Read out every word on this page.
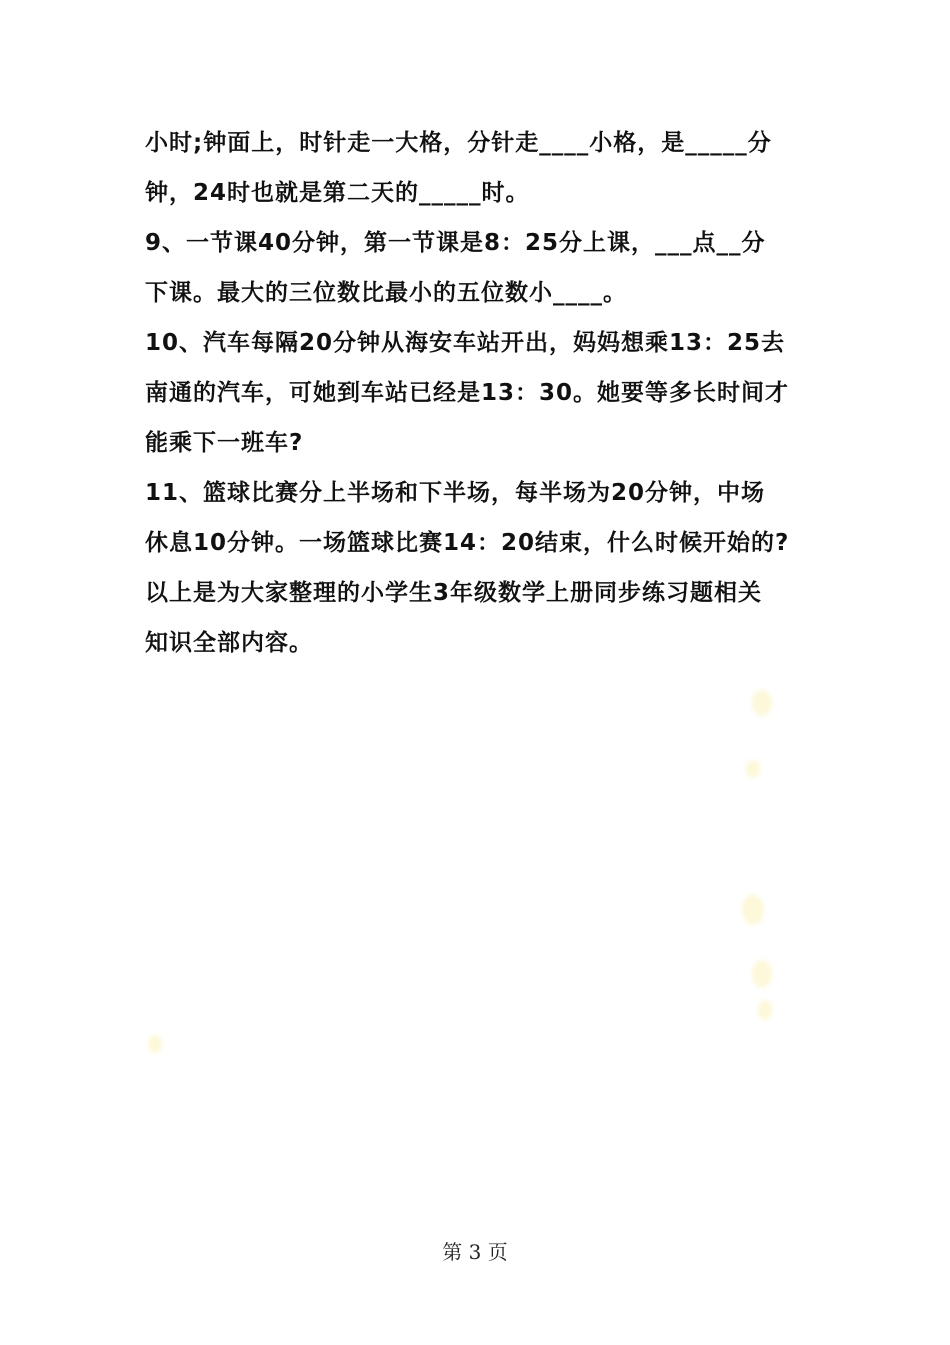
小时;钟面上，时针走一大格，分针走____小格，是_____分
钟，24时也就是第二天的_____时。
9、一节课40分钟，第一节课是8：25分上课，___点__分
下课。最大的三位数比最小的五位数小____。
10、汽车每隔20分钟从海安车站开出，妈妈想乘13：25去
南通的汽车，可她到车站已经是13：30。她要等多长时间才
能乘下一班车?
11、篮球比赛分上半场和下半场，每半场为20分钟，中场
休息10分钟。一场篮球比赛14：20结束，什么时候开始的?
以上是为大家整理的小学生3年级数学上册同步练习题相关
知识全部内容。
第 3 页
